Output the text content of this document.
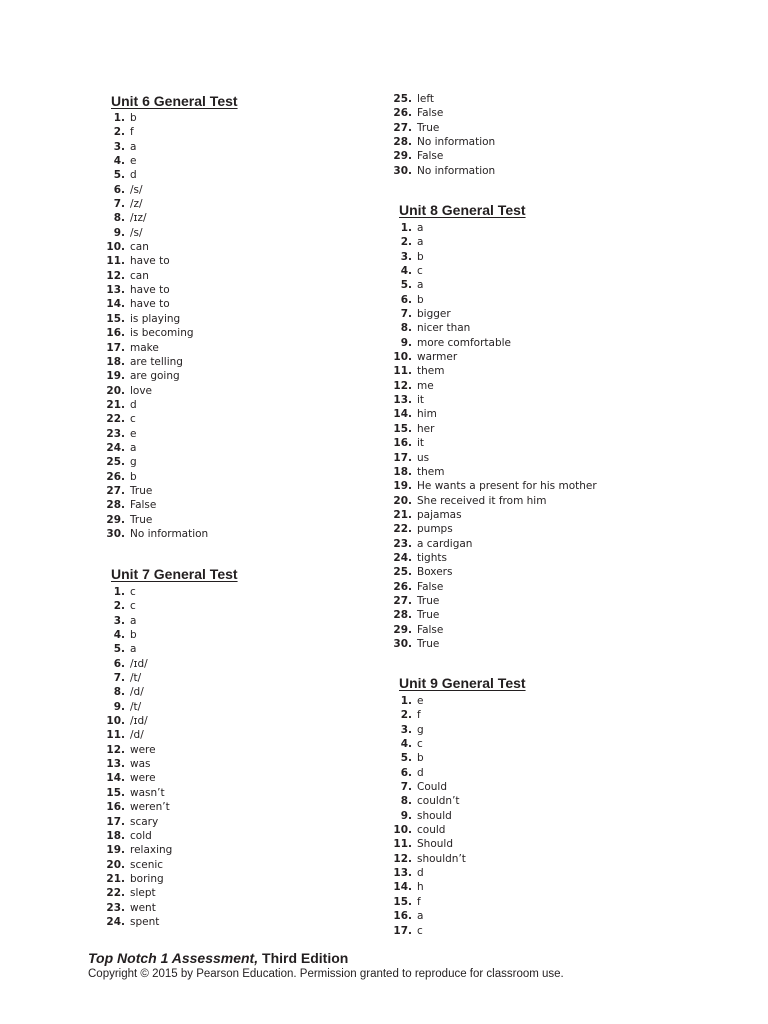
Unit 6 General Test
1. b
2. f
3. a
4. e
5. d
6. /s/
7. /z/
8. /ɪz/
9. /s/
10. can
11. have to
12. can
13. have to
14. have to
15. is playing
16. is becoming
17. make
18. are telling
19. are going
20. love
21. d
22. c
23. e
24. a
25. g
26. b
27. True
28. False
29. True
30. No information
Unit 7 General Test
1. c
2. c
3. a
4. b
5. a
6. /ɪd/
7. /t/
8. /d/
9. /t/
10. /ɪd/
11. /d/
12. were
13. was
14. were
15. wasn’t
16. weren’t
17. scary
18. cold
19. relaxing
20. scenic
21. boring
22. slept
23. went
24. spent
25. left
26. False
27. True
28. No information
29. False
30. No information
Unit 8 General Test
1. a
2. a
3. b
4. c
5. a
6. b
7. bigger
8. nicer than
9. more comfortable
10. warmer
11. them
12. me
13. it
14. him
15. her
16. it
17. us
18. them
19. He wants a present for his mother
20. She received it from him
21. pajamas
22. pumps
23. a cardigan
24. tights
25. Boxers
26. False
27. True
28. True
29. False
30. True
Unit 9 General Test
1. e
2. f
3. g
4. c
5. b
6. d
7. Could
8. couldn’t
9. should
10. could
11. Should
12. shouldn’t
13. d
14. h
15. f
16. a
17. c
Top Notch 1 Assessment, Third Edition
Copyright © 2015 by Pearson Education. Permission granted to reproduce for classroom use.
